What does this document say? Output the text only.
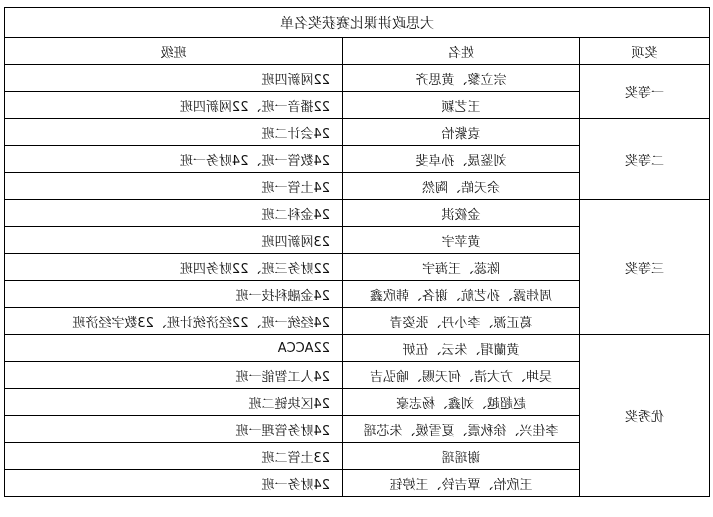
大思政讲课比赛获奖名单		
奖项	姓名	班级
一等奖	宗立黎、黄思齐	22网新四班
	王艺颖	22播音一班、22网新四班
二等奖	袁紫怡	24会计二班
	刘鉴晟、孙卓斐	24数管一班、24财务一班
	余天皓、陶然	24土管一班
三等奖	金筱淇	24金科二班
	黄苹宇	23网新四班
	陈蕊、王海宇	22财务三班、22财务四班
	周炜露、孙艺航、谢各、韩欣鑫	24金融科技一班
	葛正源、李小丹、张姿青	24经统一班、22经济统计班、23数字经济班
优秀奖	黄蘭瑁、朱云、伍妍	22ACCA
	吴坤、方大清、何天赐、喻弘吉	24人工智能一班
	赵超越、刘鑫、杨志豪	24区块链二班
	李佳兴、徐秋震、夏雪媛、朱芯瑶	24财务管理一班
	谢瑶瑶	23土管二班
	王欣怡、覃吉铃、王婷钰	24财务一班
